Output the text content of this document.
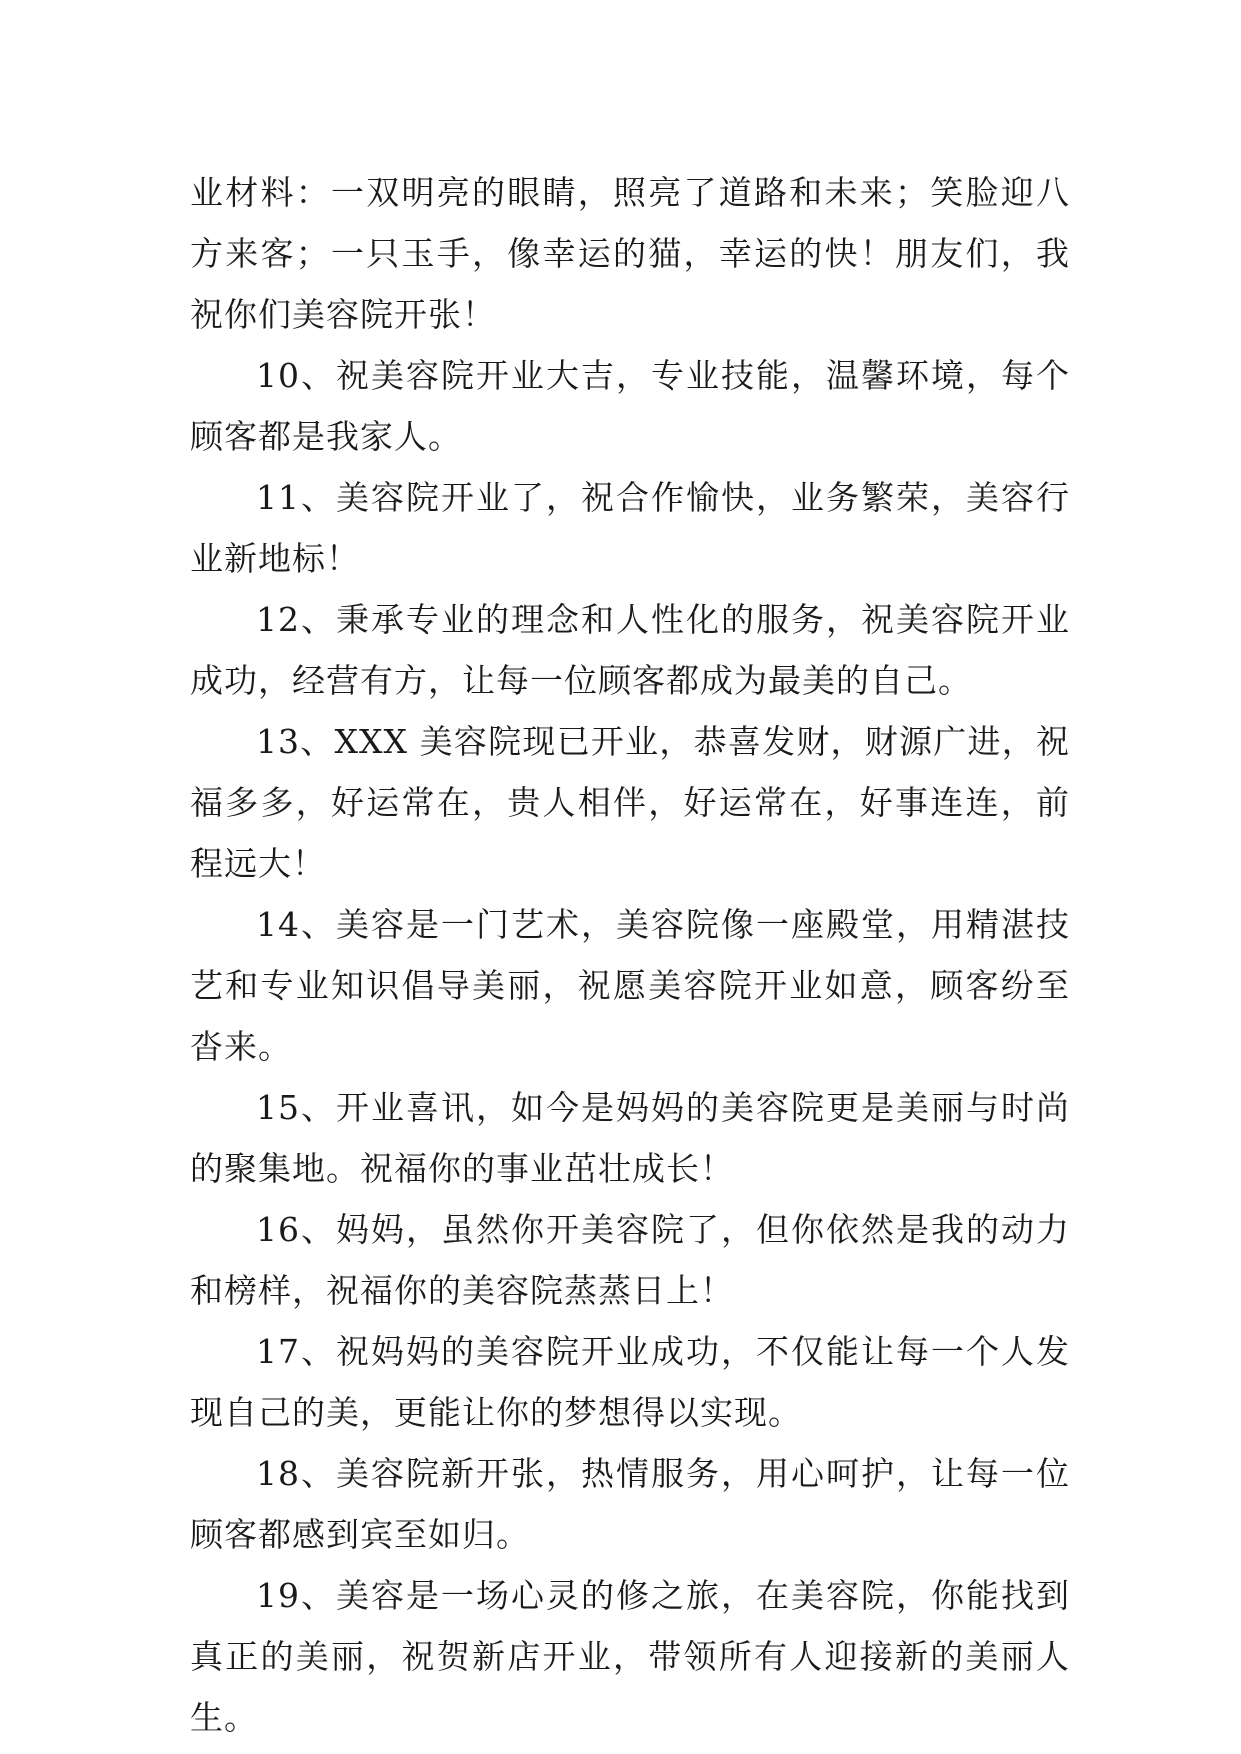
业材料：一双明亮的眼睛，照亮了道路和未来；笑脸迎八方来客；一只玉手，像幸运的猫，幸运的快！朋友们，我祝你们美容院开张！

10、祝美容院开业大吉，专业技能，温馨环境，每个顾客都是我家人。

11、美容院开业了，祝合作愉快，业务繁荣，美容行业新地标！

12、秉承专业的理念和人性化的服务，祝美容院开业成功，经营有方，让每一位顾客都成为最美的自己。

13、XXX 美容院现已开业，恭喜发财，财源广进，祝福多多，好运常在，贵人相伴，好运常在，好事连连，前程远大！

14、美容是一门艺术，美容院像一座殿堂，用精湛技艺和专业知识倡导美丽，祝愿美容院开业如意，顾客纷至沓来。

15、开业喜讯，如今是妈妈的美容院更是美丽与时尚的聚集地。祝福你的事业茁壮成长！

16、妈妈，虽然你开美容院了，但你依然是我的动力和榜样，祝福你的美容院蒸蒸日上！

17、祝妈妈的美容院开业成功，不仅能让每一个人发现自己的美，更能让你的梦想得以实现。

18、美容院新开张，热情服务，用心呵护，让每一位顾客都感到宾至如归。

19、美容是一场心灵的修之旅，在美容院，你能找到真正的美丽，祝贺新店开业，带领所有人迎接新的美丽人生。
